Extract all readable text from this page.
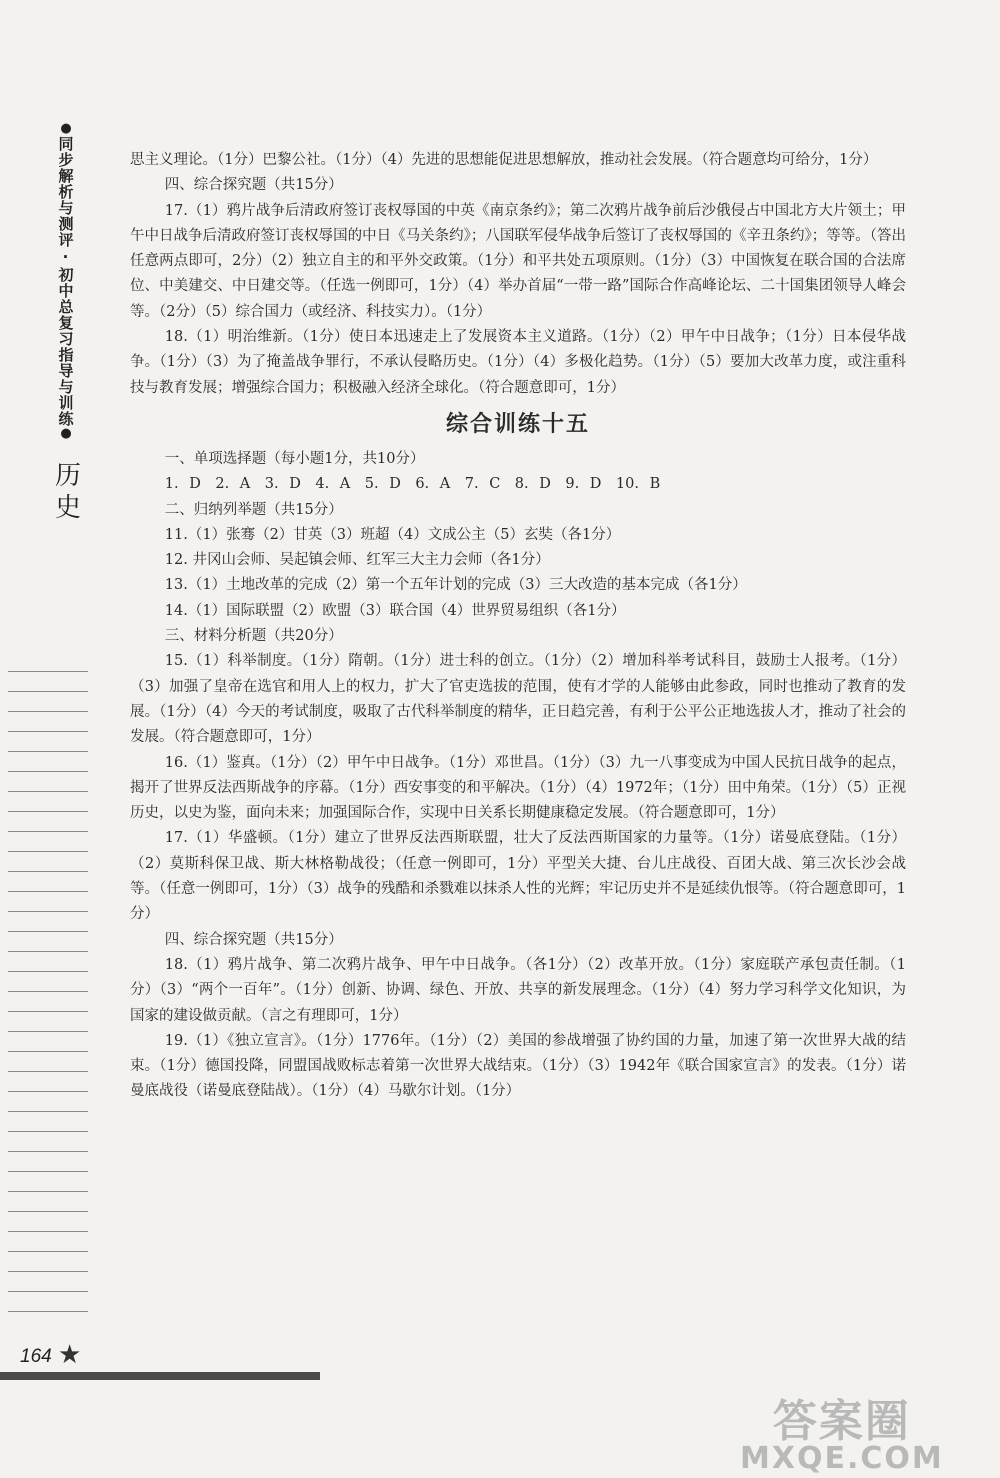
●
同步解析与测评·初中总复习指导与训练
●
历史

思主义理论。（1分）巴黎公社。（1分）（4）先进的思想能促进思想解放，推动社会发展。（符合题意均可给分，1分）

四、综合探究题（共15分）

17.（1）鸦片战争后清政府签订丧权辱国的中英《南京条约》；第二次鸦片战争前后沙俄侵占中国北方大片领土；甲午中日战争后清政府签订丧权辱国的中日《马关条约》；八国联军侵华战争后签订了丧权辱国的《辛丑条约》；等等。（答出任意两点即可，2分）（2）独立自主的和平外交政策。（1分）和平共处五项原则。（1分）（3）中国恢复在联合国的合法席位、中美建交、中日建交等。（任选一例即可，1分）（4）举办首届“一带一路”国际合作高峰论坛、二十国集团领导人峰会等。（2分）（5）综合国力（或经济、科技实力）。（1分）

18.（1）明治维新。（1分）使日本迅速走上了发展资本主义道路。（1分）（2）甲午中日战争；（1分）日本侵华战争。（1分）（3）为了掩盖战争罪行，不承认侵略历史。（1分）（4）多极化趋势。（1分）（5）要加大改革力度，或注重科技与教育发展；增强综合国力；积极融入经济全球化。（符合题意即可，1分）

综合训练十五

一、单项选择题（每小题1分，共10分）

1. D　2. A　3. D　4. A　5. D　6. A　7. C　8. D　9. D　10. B

二、归纳列举题（共15分）

11.（1）张骞（2）甘英（3）班超（4）文成公主（5）玄奘（各1分）

12. 井冈山会师、吴起镇会师、红军三大主力会师（各1分）

13.（1）土地改革的完成（2）第一个五年计划的完成（3）三大改造的基本完成（各1分）

14.（1）国际联盟（2）欧盟（3）联合国（4）世界贸易组织（各1分）

三、材料分析题（共20分）

15.（1）科举制度。（1分）隋朝。（1分）进士科的创立。（1分）（2）增加科举考试科目，鼓励士人报考。（1分）（3）加强了皇帝在选官和用人上的权力，扩大了官吏选拔的范围，使有才学的人能够由此参政，同时也推动了教育的发展。（1分）（4）今天的考试制度，吸取了古代科举制度的精华，正日趋完善，有利于公平公正地选拔人才，推动了社会的发展。（符合题意即可，1分）

16.（1）鉴真。（1分）（2）甲午中日战争。（1分）邓世昌。（1分）（3）九一八事变成为中国人民抗日战争的起点，揭开了世界反法西斯战争的序幕。（1分）西安事变的和平解决。（1分）（4）1972年；（1分）田中角荣。（1分）（5）正视历史，以史为鉴，面向未来；加强国际合作，实现中日关系长期健康稳定发展。（符合题意即可，1分）

17.（1）华盛顿。（1分）建立了世界反法西斯联盟，壮大了反法西斯国家的力量等。（1分）诺曼底登陆。（1分）（2）莫斯科保卫战、斯大林格勒战役；（任意一例即可，1分）平型关大捷、台儿庄战役、百团大战、第三次长沙会战等。（任意一例即可，1分）（3）战争的残酷和杀戮难以抹杀人性的光辉；牢记历史并不是延续仇恨等。（符合题意即可，1分）

四、综合探究题（共15分）

18.（1）鸦片战争、第二次鸦片战争、甲午中日战争。（各1分）（2）改革开放。（1分）家庭联产承包责任制。（1分）（3）“两个一百年”。（1分）创新、协调、绿色、开放、共享的新发展理念。（1分）（4）努力学习科学文化知识，为国家的建设做贡献。（言之有理即可，1分）

19.（1）《独立宣言》。（1分）1776年。（1分）（2）美国的参战增强了协约国的力量，加速了第一次世界大战的结束。（1分）德国投降，同盟国战败标志着第一次世界大战结束。（1分）（3）1942年《联合国家宣言》的发表。（1分）诺曼底战役（诺曼底登陆战）。（1分）（4）马歇尔计划。（1分）

164 ★
答案圈
MXQE.COM
